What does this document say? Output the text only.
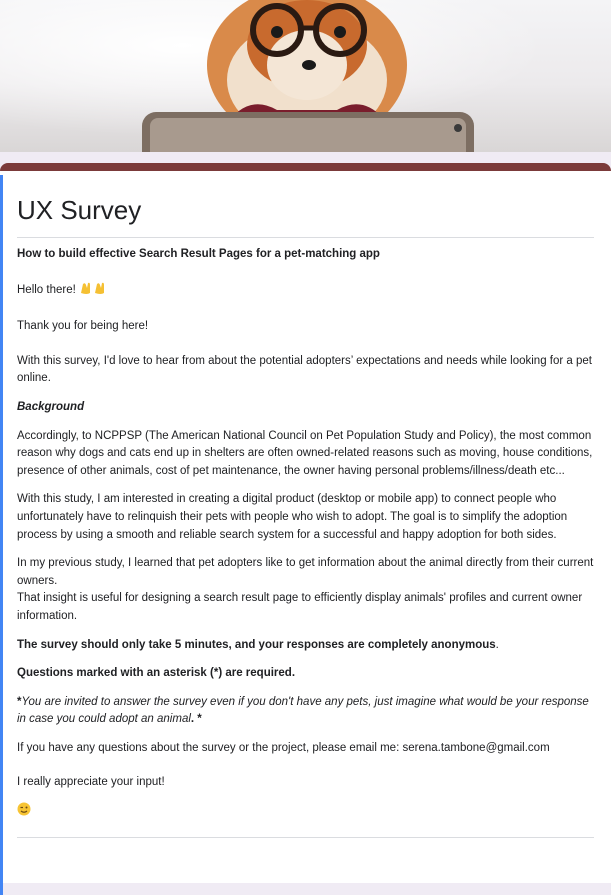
UX Survey

How to build effective Search Result Pages for a pet-matching app

Hello there!

Thank you for being here!

With this survey, I'd love to hear from about the potential adopters’ expectations and needs while looking for a pet online.

Background

Accordingly, to NCPPSP (The American National Council on Pet Population Study and Policy), the most common reason why dogs and cats end up in shelters are often owned-related reasons such as moving, house conditions, presence of other animals, cost of pet maintenance, the owner having personal problems/illness/death etc...

With this study, I am interested in creating a digital product (desktop or mobile app) to connect people who unfortunately have to relinquish their pets with people who wish to adopt. The goal is to simplify the adoption process by using a smooth and reliable search system for a successful and happy adoption for both sides.

In my previous study, I learned that pet adopters like to get information about the animal directly from their current owners.

That insight is useful for designing a search result page to efficiently display animals' profiles and current owner information.

The survey should only take 5 minutes, and your responses are completely anonymous.

Questions marked with an asterisk (*) are required.

*You are invited to answer the survey even if you don't have any pets, just imagine what would be your response in case you could adopt an animal. *

If you have any questions about the survey or the project, please email me: serena.tambone@gmail.com

I really appreciate your input!
